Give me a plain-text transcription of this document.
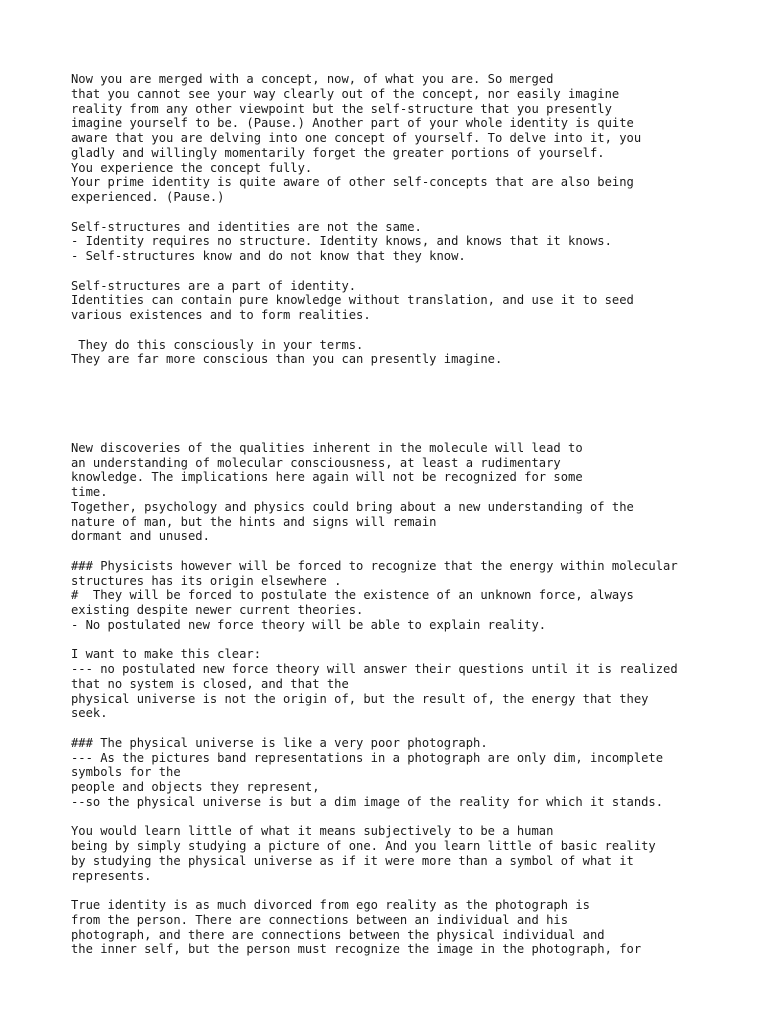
Now you are merged with a concept, now, of what you are. So merged
that you cannot see your way clearly out of the concept, nor easily imagine
reality from any other viewpoint but the self-structure that you presently
imagine yourself to be. (Pause.) Another part of your whole identity is quite
aware that you are delving into one concept of yourself. To delve into it, you
gladly and willingly momentarily forget the greater portions of yourself.
You experience the concept fully.
Your prime identity is quite aware of other self-concepts that are also being
experienced. (Pause.)
Self-structures and identities are not the same.
- Identity requires no structure. Identity knows, and knows that it knows.
- Self-structures know and do not know that they know.
Self-structures are a part of identity.
Identities can contain pure knowledge without translation, and use it to seed
various existences and to form realities.
They do this consciously in your terms.
They are far more conscious than you can presently imagine.
New discoveries of the qualities inherent in the molecule will lead to
an understanding of molecular consciousness, at least a rudimentary
knowledge. The implications here again will not be recognized for some
time.
Together, psychology and physics could bring about a new understanding of the
nature of man, but the hints and signs will remain
dormant and unused.
### Physicists however will be forced to recognize that the energy within molecular
structures has its origin elsewhere .
#  They will be forced to postulate the existence of an unknown force, always
existing despite newer current theories.
- No postulated new force theory will be able to explain reality.
I want to make this clear:
--- no postulated new force theory will answer their questions until it is realized
that no system is closed, and that the
physical universe is not the origin of, but the result of, the energy that they
seek.
### The physical universe is like a very poor photograph.
--- As the pictures band representations in a photograph are only dim, incomplete
symbols for the
people and objects they represent,
--so the physical universe is but a dim image of the reality for which it stands.
You would learn little of what it means subjectively to be a human
being by simply studying a picture of one. And you learn little of basic reality
by studying the physical universe as if it were more than a symbol of what it
represents.
True identity is as much divorced from ego reality as the photograph is
from the person. There are connections between an individual and his
photograph, and there are connections between the physical individual and
the inner self, but the person must recognize the image in the photograph, for
